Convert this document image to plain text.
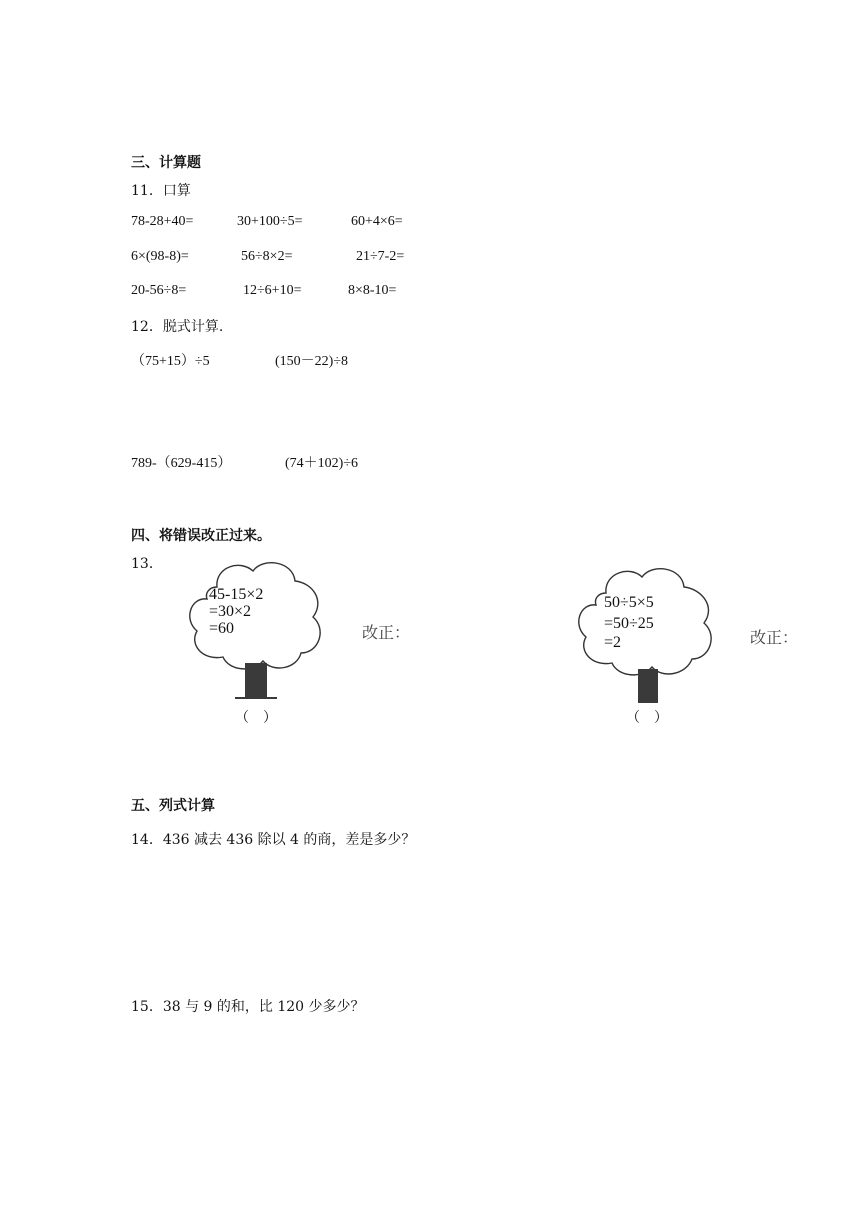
三、计算题
11．口算
78-28+40=	30+100÷5=	60+4×6=
6×(98-8)=	56÷8×2=	21÷7-2=
20-56÷8=	12÷6+10=	8×8-10=
12．脱式计算.
（75+15）÷5	(150－22)÷8
789-（629-415）	(74＋102)÷6
四、将错误改正过来。
13．
45-15×2
=30×2
=60
（　）
改正：
50÷5×5
=50÷25
=2
（　）
改正：
五、列式计算
14．436 减去 436 除以 4 的商，差是多少？
15．38 与 9 的和，比 120 少多少？
